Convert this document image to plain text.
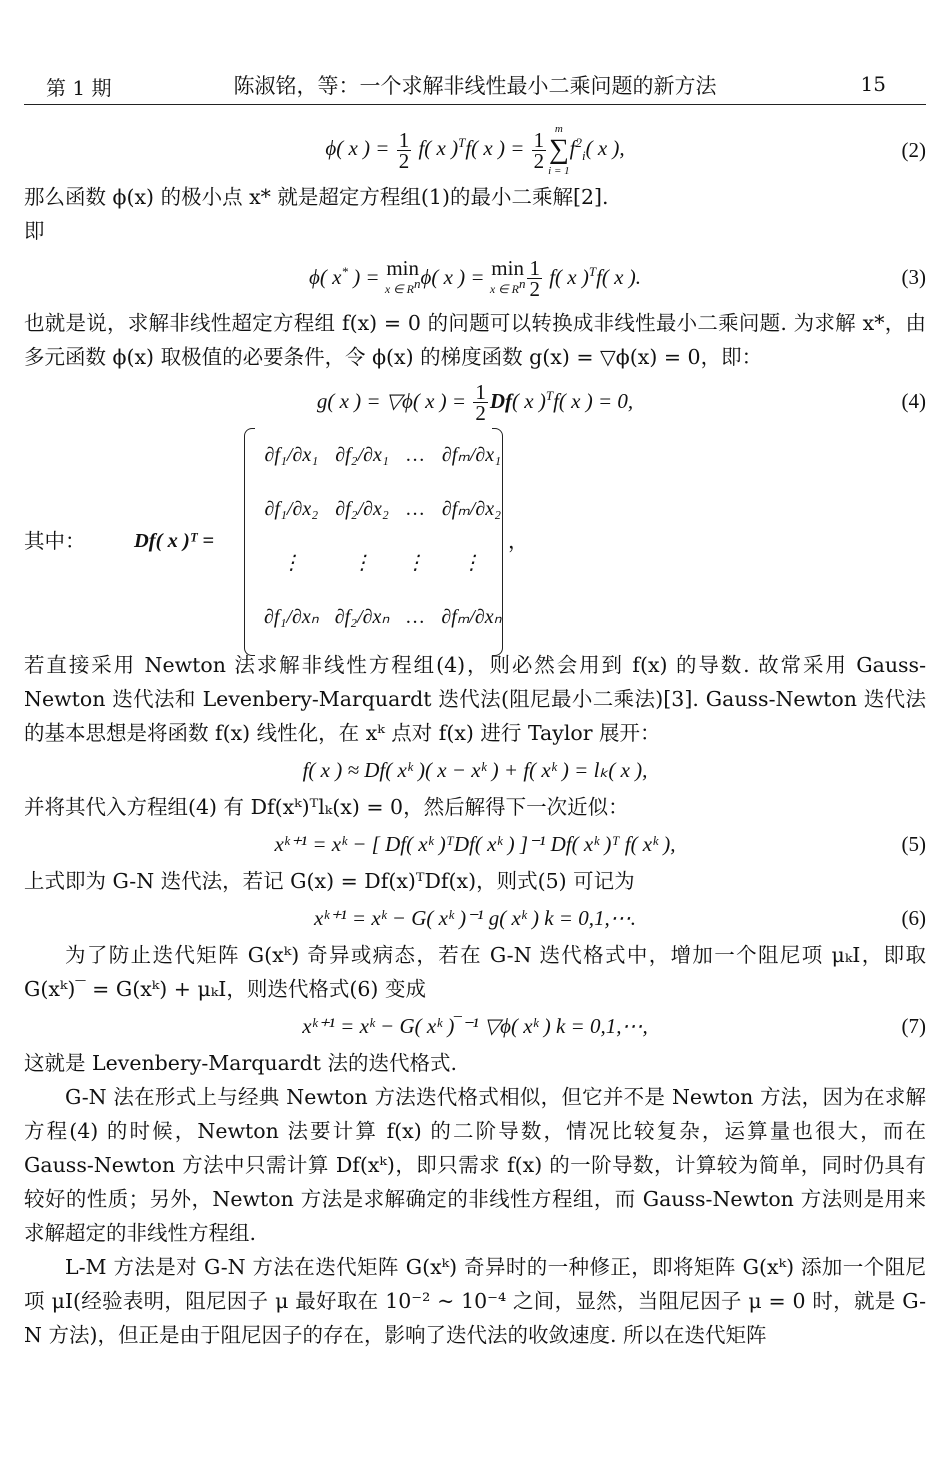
第 1 期	陈淑铭，等：一个求解非线性最小二乘问题的新方法	15
ϕ( x ) = $\frac{1}{2} f$( x )$^T$f( x ) = $\frac{1}{2}$
m
∑
i = 1
$f^2_i$( x ),	(2)

那么函数 ϕ(x) 的极小点 x* 就是超定方程组(1)的最小二乘解[2].

即

ϕ( x* ) = min
x ∈ $R^n$ ϕ( x ) = min
x ∈ $R^n \frac{1}{2} f$( x )$^T$f( x ).	(3)

也就是说，求解非线性超定方程组 f(x) = 0 的问题可以转换成非线性最小二乘问题. 为求解 x*，由多元函数 ϕ(x) 取极值的必要条件，令 ϕ(x) 的梯度函数 g(x) = ▽ϕ(x) = 0，即：

g( x ) = ▽ϕ( x ) = $\frac{1}{2} Df$( x )$^T$f( x ) = 0,	(4)
其中： Df( x )ᵀ =
∂f₁/∂x₁	∂f₂/∂x₁	…	∂fₘ/∂x₁
∂f₁/∂x₂	∂f₂/∂x₂	…	∂fₘ/∂x₂
⋮	⋮	⋮	⋮
∂f₁/∂xₙ	∂f₂/∂xₙ	…	∂fₘ/∂xₙ
，

若直接采用 Newton 法求解非线性方程组(4)，则必然会用到 f(x) 的导数. 故常采用 Gauss-Newton 迭代法和 Levenbery-Marquardt 迭代法(阻尼最小二乘法)[3]. Gauss-Newton 迭代法的基本思想是将函数 f(x) 线性化，在 xᵏ 点对 f(x) 进行 Taylor 展开：

f( x ) ≈ Df( xᵏ )( x − xᵏ ) + f( xᵏ ) = lₖ( x ),

并将其代入方程组(4) 有 Df(xᵏ)ᵀlₖ(x) = 0，然后解得下一次近似：

xᵏ⁺¹ = xᵏ − [ Df( xᵏ )ᵀDf( xᵏ ) ]⁻¹ Df( xᵏ )ᵀ f( xᵏ ),	(5)

上式即为 G-N 迭代法，若记 G(x) = Df(x)ᵀDf(x)，则式(5) 可记为

xᵏ⁺¹ = xᵏ − G( xᵏ )⁻¹ g( xᵏ ) k = 0,1,⋯.	(6)

为了防止迭代矩阵 G(xᵏ) 奇异或病态，若在 G-N 迭代格式中，增加一个阻尼项 μₖI，即取 G(xᵏ)‾ = G(xᵏ) + μₖI，则迭代格式(6) 变成

xᵏ⁺¹ = xᵏ − G( xᵏ )‾⁻¹ ▽ϕ( xᵏ ) k = 0,1,⋯,	(7)

这就是 Levenbery-Marquardt 法的迭代格式.

G-N 法在形式上与经典 Newton 方法迭代格式相似，但它并不是 Newton 方法，因为在求解方程(4) 的时候，Newton 法要计算 f(x) 的二阶导数，情况比较复杂，运算量也很大，而在 Gauss-Newton 方法中只需计算 Df(xᵏ)，即只需求 f(x) 的一阶导数，计算较为简单，同时仍具有较好的性质；另外，Newton 方法是求解确定的非线性方程组，而 Gauss-Newton 方法则是用来求解超定的非线性方程组.

L-M 方法是对 G-N 方法在迭代矩阵 G(xᵏ) 奇异时的一种修正，即将矩阵 G(xᵏ) 添加一个阻尼项 μI(经验表明，阻尼因子 μ 最好取在 10⁻² ~ 10⁻⁴ 之间，显然，当阻尼因子 μ = 0 时，就是 G-N 方法)，但正是由于阻尼因子的存在，影响了迭代法的收敛速度. 所以在迭代矩阵
